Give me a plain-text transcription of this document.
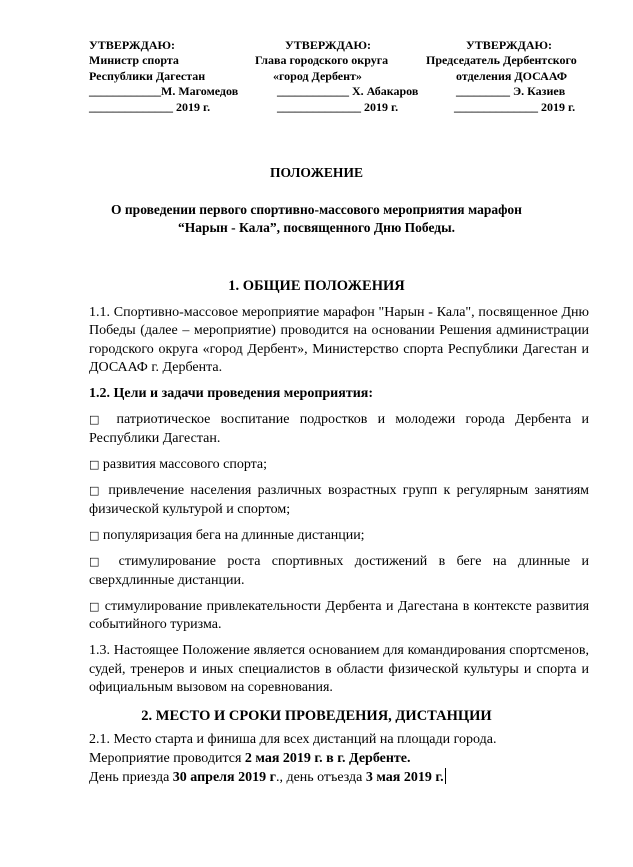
УТВЕРЖДАЮ:
Министр спорта
Республики Дагестан
____________М. Магомедов
______________ 2019 г.
УТВЕРЖДАЮ:
Глава городского округа
«город Дербент»
____________ Х. Абакаров
______________ 2019 г.
УТВЕРЖДАЮ:
Председатель Дербентского
отделения ДОСААФ
_________ Э. Казиев
______________ 2019 г.
ПОЛОЖЕНИЕ
О проведении первого спортивно-массового мероприятия марафон
“Нарын - Кала”, посвященного Дню Победы.
1. ОБЩИЕ ПОЛОЖЕНИЯ
1.1. Спортивно-массовое мероприятие марафон "Нарын - Кала", посвященное Дню Победы (далее – мероприятие) проводится на основании Решения администрации городского округа «город Дербент», Министерство спорта Республики Дагестан и ДОСААФ г. Дербента.
1.2. Цели и задачи проведения мероприятия:
□ патриотическое воспитание подростков и молодежи города Дербента и Республики Дагестан.
□ развития массового спорта;
□ привлечение населения различных возрастных групп к регулярным занятиям физической культурой и спортом;
□ популяризация бега на длинные дистанции;
□ стимулирование роста спортивных достижений в беге на длинные и сверхдлинные дистанции.
□ стимулирование привлекательности Дербента и Дагестана в контексте развития событийного туризма.
1.3. Настоящее Положение является основанием для командирования спортсменов, судей, тренеров и иных специалистов в области физической культуры и спорта и официальным вызовом на соревнования.
2. МЕСТО И СРОКИ ПРОВЕДЕНИЯ, ДИСТАНЦИИ
2.1. Место старта и финиша для всех дистанций на площади города.
Мероприятие проводится 2 мая 2019 г. в г. Дербенте.
День приезда 30 апреля 2019 г., день отъезда 3 мая 2019 г.
